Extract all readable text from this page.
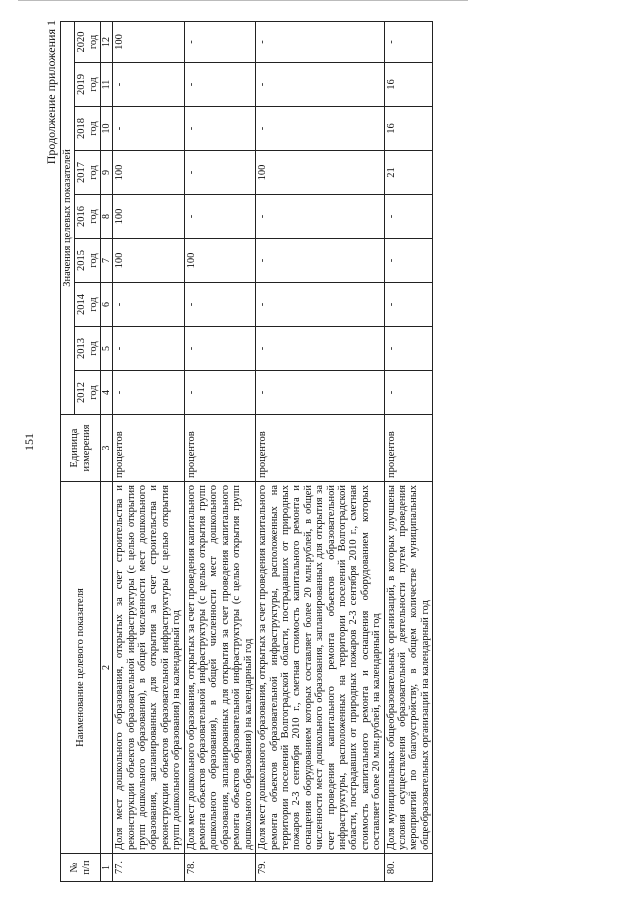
151
Продолжение приложения 1
№ п/п	Наименование целевого показателя	Единица измерения	Значения целевых показателей								
			2012 год	2013 год	2014 год	2015 год	2016 год	2017 год	2018 год	2019 год	2020 год
1	2	3	4	5	6	7	8	9	10	11	12
77.	Доля мест дошкольного образования, открытых за счет строительства и реконструкции объектов образовательной инфраструктуры (с целью открытия групп дошкольного образования), в общей численности мест дошкольного образования, запланированных для открытия за счет строительства и реконструкции объектов образовательной инфраструктуры (с целью открытия групп дошкольного образования) на календарный год	процентов	-	-	-	100	100	100	-	-	100
78.	Доля мест дошкольного образования, открытых за счет проведения капитального ремонта объектов образовательной инфраструктуры (с целью открытия групп дошкольного образования), в общей численности мест дошкольного образования, запланированных для открытия за счет проведения капитального ремонта объектов образовательной инфраструктуры (с целью открытия групп дошкольного образования) на календарный год	процентов	-	-	-	100	-	-	-	-	-
79.	Доля мест дошкольного образования, открытых за счет проведения капитального ремонта объектов образовательной инфраструктуры, расположенных на территории поселений Волгоградской области, пострадавших от природных пожаров 2-3 сентября 2010 г., сметная стоимость капитального ремонта и оснащения оборудованием которых составляет более 20 млн.рублей, в общей численности мест дошкольного образования, запланированных для открытия за счет проведения капитального ремонта объектов образовательной инфраструктуры, расположенных на территории поселений Волгоградской области, пострадавших от природных пожаров 2-3 сентября 2010 г., сметная стоимость капитального ремонта и оснащения оборудованием которых составляет более 20 млн.рублей, на календарный год	процентов	-	-	-	-	-	100	-	-	-
80.	Доля муниципальных общеобразовательных организаций, в которых улучшены условия осуществления образовательной деятельности путем проведения мероприятий по благоустройству, в общем количестве муниципальных общеобразовательных организаций на календарный год	процентов	-	-	-	-	-	21	16	16	-
